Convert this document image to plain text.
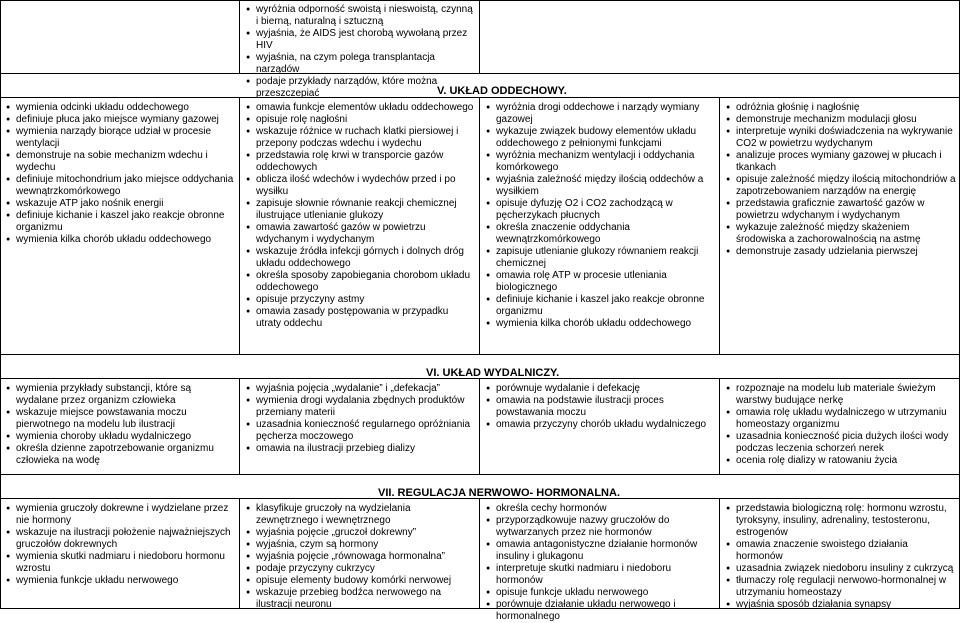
● wyróżnia odporność swoistą i nieswoistą, czynną i bierną, naturalną i sztuczną
● wyjaśnia, że AIDS jest chorobą wywołaną przez HIV
● wyjaśnia, na czym polega transplantacja narządów
● podaje przykłady narządów, które można przeszczepiać	V. UKŁAD ODDECHOWY.
● wymienia odcinki układu oddechowego
● definiuje płuca jako miejsce wymiany gazowej
● wymienia narządy biorące udział w procesie wentylacji
● demonstruje na sobie mechanizm wdechu i wydechu
● definiuje mitochondrium jako miejsce oddychania wewnątrzkomórkowego
● wskazuje ATP jako nośnik energii
● definiuje kichanie i kaszel jako reakcje obronne organizmu
● wymienia kilka chorób układu oddechowego
● omawia funkcje elementów układu oddechowego
● opisuje rolę nagłośni
● wskazuje różnice w ruchach klatki piersiowej i przepony podczas wdechu i wydechu
● przedstawia rolę krwi w transporcie gazów oddechowych
● oblicza ilość wdechów i wydechów przed i po wysiłku
● zapisuje słownie równanie reakcji chemicznej ilustrujące utlenianie glukozy
● omawia zawartość gazów w powietrzu wdychanym i wydychanym
● wskazuje źródła infekcji górnych i dolnych dróg układu oddechowego
● określa sposoby zapobiegania chorobom układu oddechowego
● opisuje przyczyny astmy
● omawia zasady postępowania w przypadku utraty oddechu
● wyróżnia drogi oddechowe i narządy wymiany gazowej
● wykazuje związek budowy elementów układu oddechowego z pełnionymi funkcjami
● wyróżnia mechanizm wentylacji i oddychania komórkowego
● wyjaśnia zależność między ilością oddechów a wysiłkiem
● opisuje dyfuzję O2 i CO2 zachodzącą w pęcherzykach płucnych
● określa znaczenie oddychania wewnątrzkomórkowego
● zapisuje utlenianie glukozy równaniem reakcji chemicznej
● omawia rolę ATP w procesie utleniania biologicznego
● definiuje kichanie i kaszel jako reakcje obronne organizmu
● wymienia kilka chorób układu oddechowego
● odróżnia głośnię i nagłośnię
● demonstruje mechanizm modulacji głosu
● interpretuje wyniki doświadczenia na wykrywanie CO2 w powietrzu wydychanym
● analizuje proces wymiany gazowej w płucach i tkankach
● opisuje zależność między ilością mitochondriów a zapotrzebowaniem narządów na energię
● przedstawia graficznie zawartość gazów w powietrzu wdychanym i wydychanym
● wykazuje zależność między skażeniem środowiska a zachorowalnością na astmę
● demonstruje zasady udzielania pierwszej
VI. UKŁAD WYDALNICZY.
● wymienia przykłady substancji, które są wydalane przez organizm człowieka
● wskazuje miejsce powstawania moczu pierwotnego na modelu lub ilustracji
● wymienia choroby układu wydalniczego
● określa dzienne zapotrzebowanie organizmu człowieka na wodę
● wyjaśnia pojęcia „wydalanie” i „defekacja”
● wymienia drogi wydalania zbędnych produktów przemiany materii
● uzasadnia konieczność regularnego opróżniania pęcherza moczowego
● omawia na ilustracji przebieg dializy
● porównuje wydalanie i defekację
● omawia na podstawie ilustracji proces powstawania moczu
● omawia przyczyny chorób układu wydalniczego
● rozpoznaje na modelu lub materiale świeżym warstwy budujące nerkę
● omawia rolę układu wydalniczego w utrzymaniu homeostazy organizmu
● uzasadnia konieczność picia dużych ilości wody podczas leczenia schorzeń nerek
● ocenia rolę dializy w ratowaniu życia
VII. REGULACJA NERWOWO- HORMONALNA.
● wymienia gruczoły dokrewne i wydzielane przez nie hormony
● wskazuje na ilustracji położenie najważniejszych gruczołów dokrewnych
● wymienia skutki nadmiaru i niedoboru hormonu wzrostu
● wymienia funkcje układu nerwowego
● klasyfikuje gruczoły na wydzielania zewnętrznego i wewnętrznego
● wyjaśnia pojęcie „gruczoł dokrewny”
● wyjaśnia, czym są hormony
● wyjaśnia pojęcie „równowaga hormonalna”
● podaje przyczyny cukrzycy
● opisuje elementy budowy komórki nerwowej
● wskazuje przebieg bodźca nerwowego na ilustracji neuronu
● określa cechy hormonów
● przyporządkowuje nazwy gruczołów do wytwarzanych przez nie hormonów
● omawia antagonistyczne działanie hormonów insuliny i glukagonu
● interpretuje skutki nadmiaru i niedoboru hormonów
● opisuje funkcje układu nerwowego
● porównuje działanie układu nerwowego i hormonalnego
● przedstawia biologiczną rolę: hormonu wzrostu, tyroksyny, insuliny, adrenaliny, testosteronu, estrogenów
● omawia znaczenie swoistego działania hormonów
● uzasadnia związek niedoboru insuliny z cukrzycą
● tłumaczy rolę regulacji nerwowo-hormonalnej w utrzymaniu homeostazy
● wyjaśnia sposób działania synapsy
